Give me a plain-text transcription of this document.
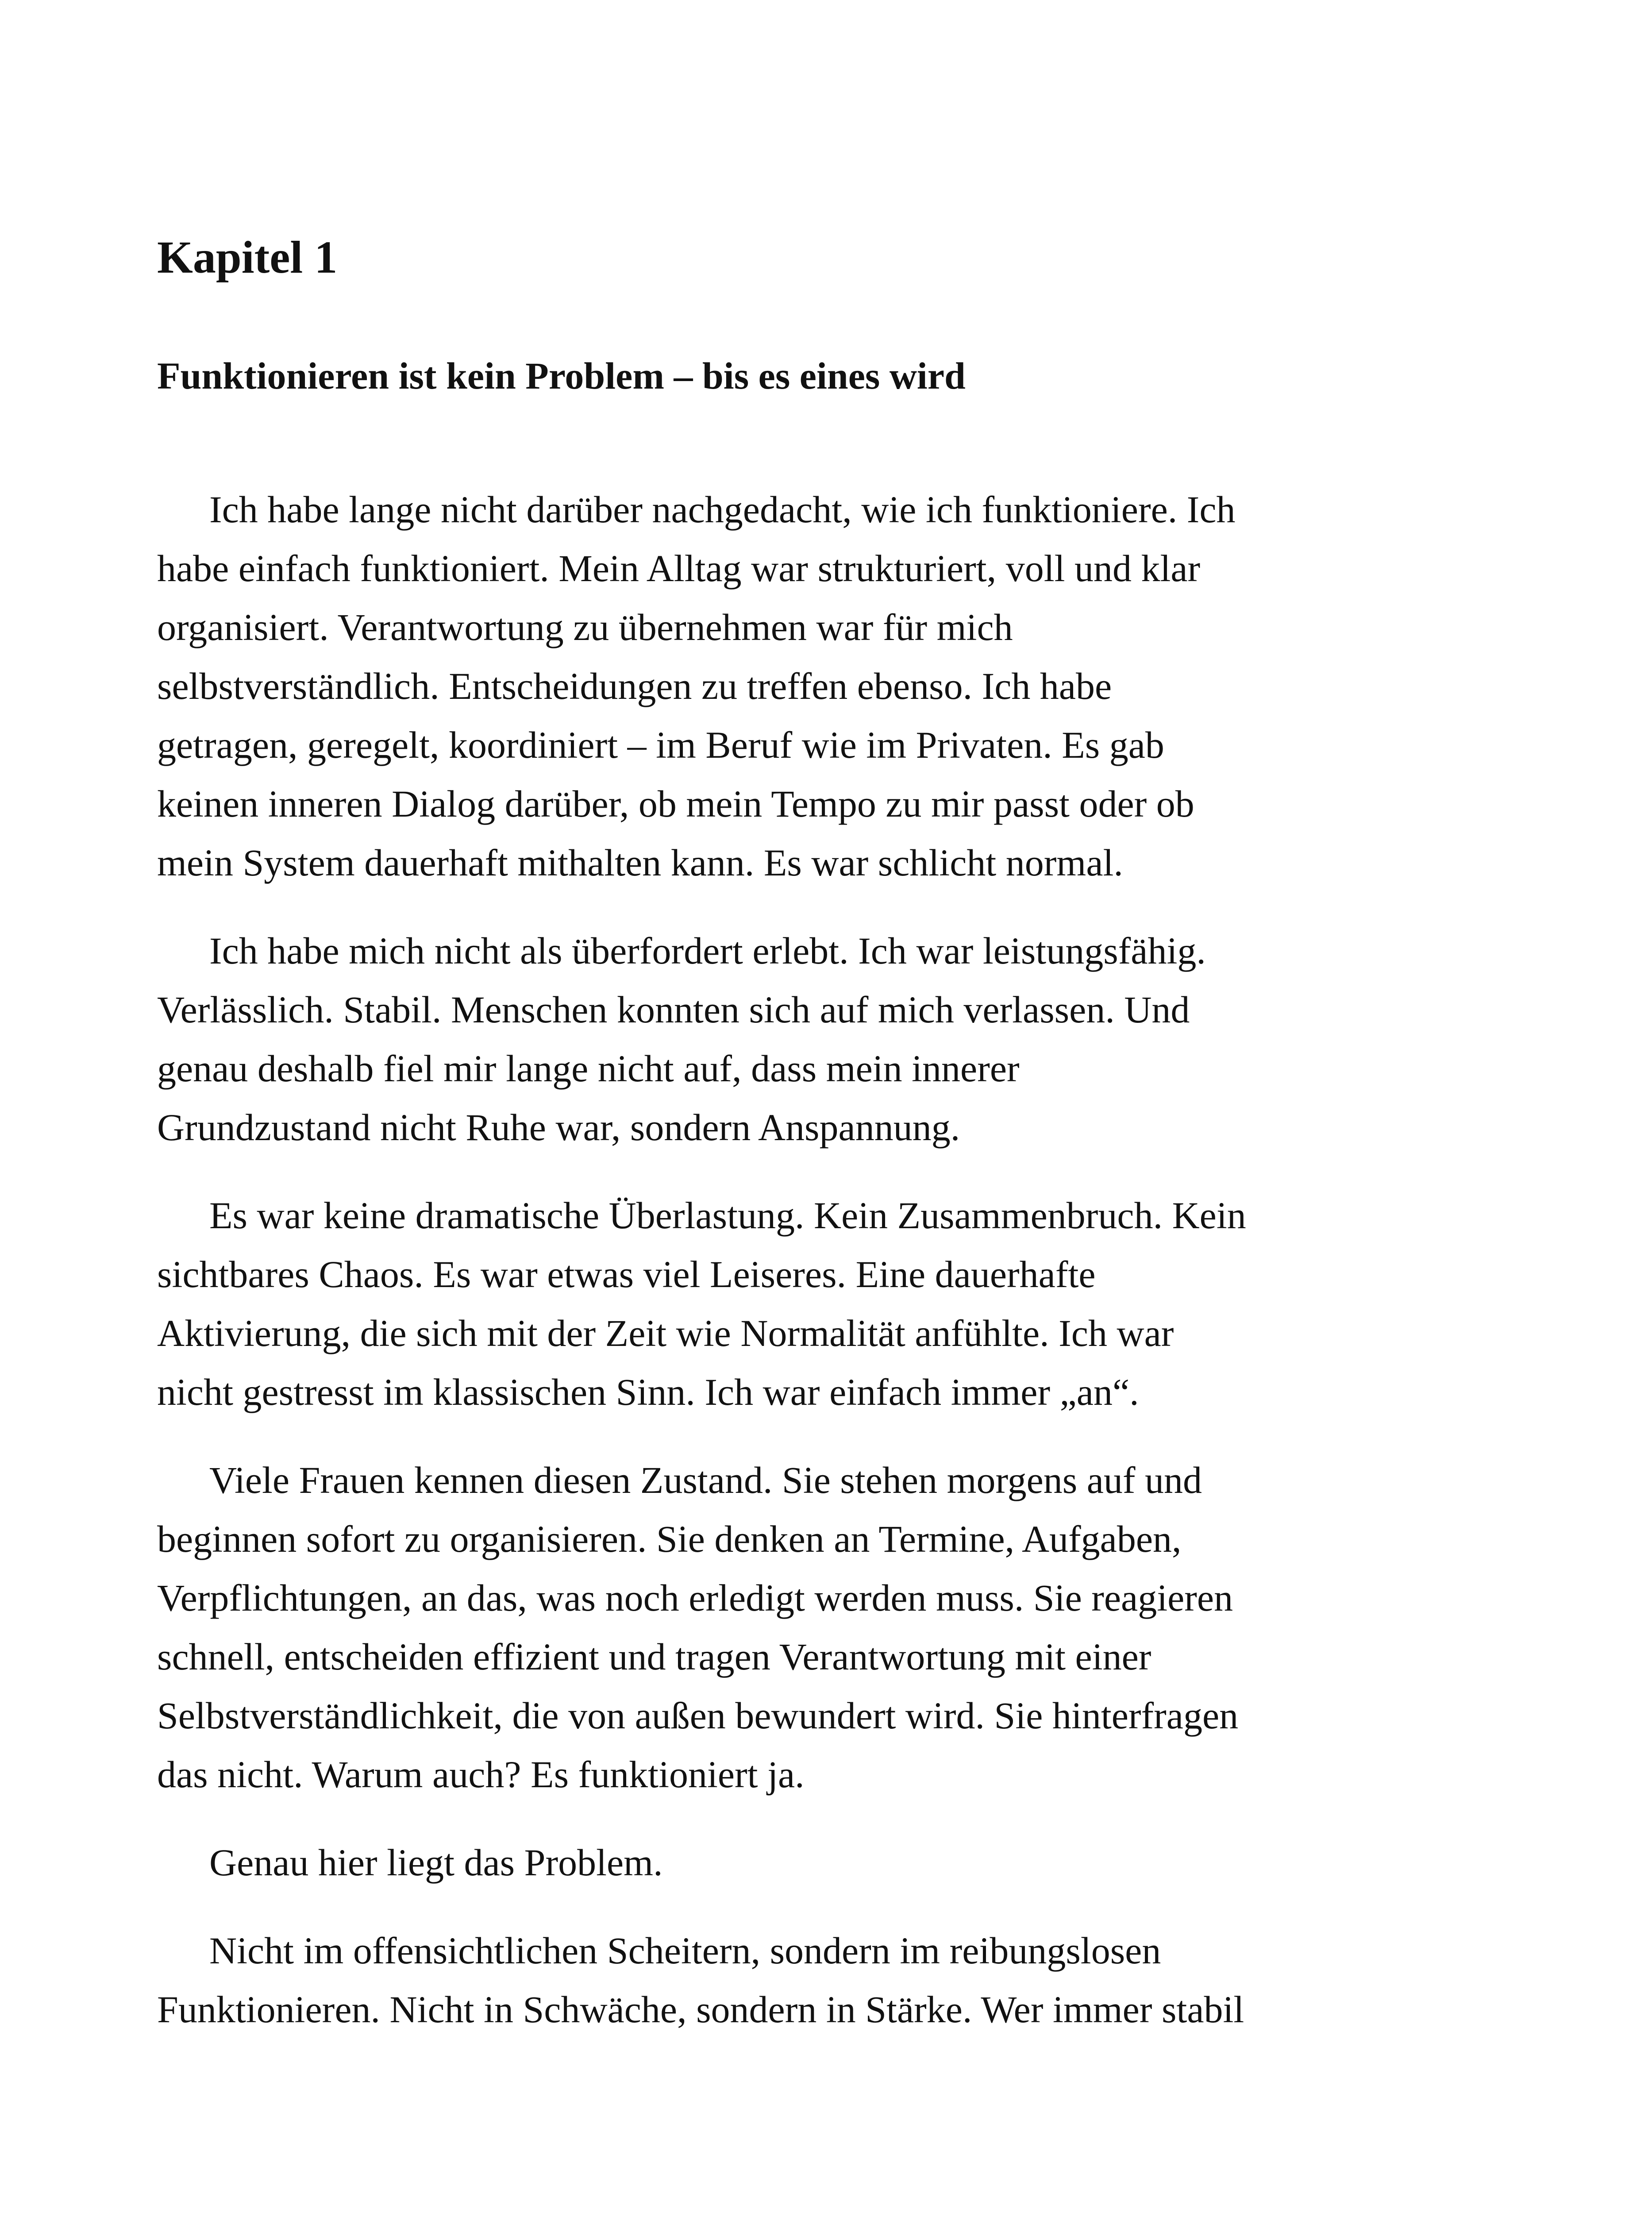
Kapitel 1
Funktionieren ist kein Problem – bis es eines wird

Ich habe lange nicht darüber nachgedacht, wie ich funktioniere. Ich
habe einfach funktioniert. Mein Alltag war strukturiert, voll und klar
organisiert. Verantwortung zu übernehmen war für mich
selbstverständlich. Entscheidungen zu treffen ebenso. Ich habe
getragen, geregelt, koordiniert – im Beruf wie im Privaten. Es gab
keinen inneren Dialog darüber, ob mein Tempo zu mir passt oder ob
mein System dauerhaft mithalten kann. Es war schlicht normal.

Ich habe mich nicht als überfordert erlebt. Ich war leistungsfähig.
Verlässlich. Stabil. Menschen konnten sich auf mich verlassen. Und
genau deshalb fiel mir lange nicht auf, dass mein innerer
Grundzustand nicht Ruhe war, sondern Anspannung.

Es war keine dramatische Überlastung. Kein Zusammenbruch. Kein
sichtbares Chaos. Es war etwas viel Leiseres. Eine dauerhafte
Aktivierung, die sich mit der Zeit wie Normalität anfühlte. Ich war
nicht gestresst im klassischen Sinn. Ich war einfach immer „an“.

Viele Frauen kennen diesen Zustand. Sie stehen morgens auf und
beginnen sofort zu organisieren. Sie denken an Termine, Aufgaben,
Verpflichtungen, an das, was noch erledigt werden muss. Sie reagieren
schnell, entscheiden effizient und tragen Verantwortung mit einer
Selbstverständlichkeit, die von außen bewundert wird. Sie hinterfragen
das nicht. Warum auch? Es funktioniert ja.

Genau hier liegt das Problem.

Nicht im offensichtlichen Scheitern, sondern im reibungslosen
Funktionieren. Nicht in Schwäche, sondern in Stärke. Wer immer stabil
